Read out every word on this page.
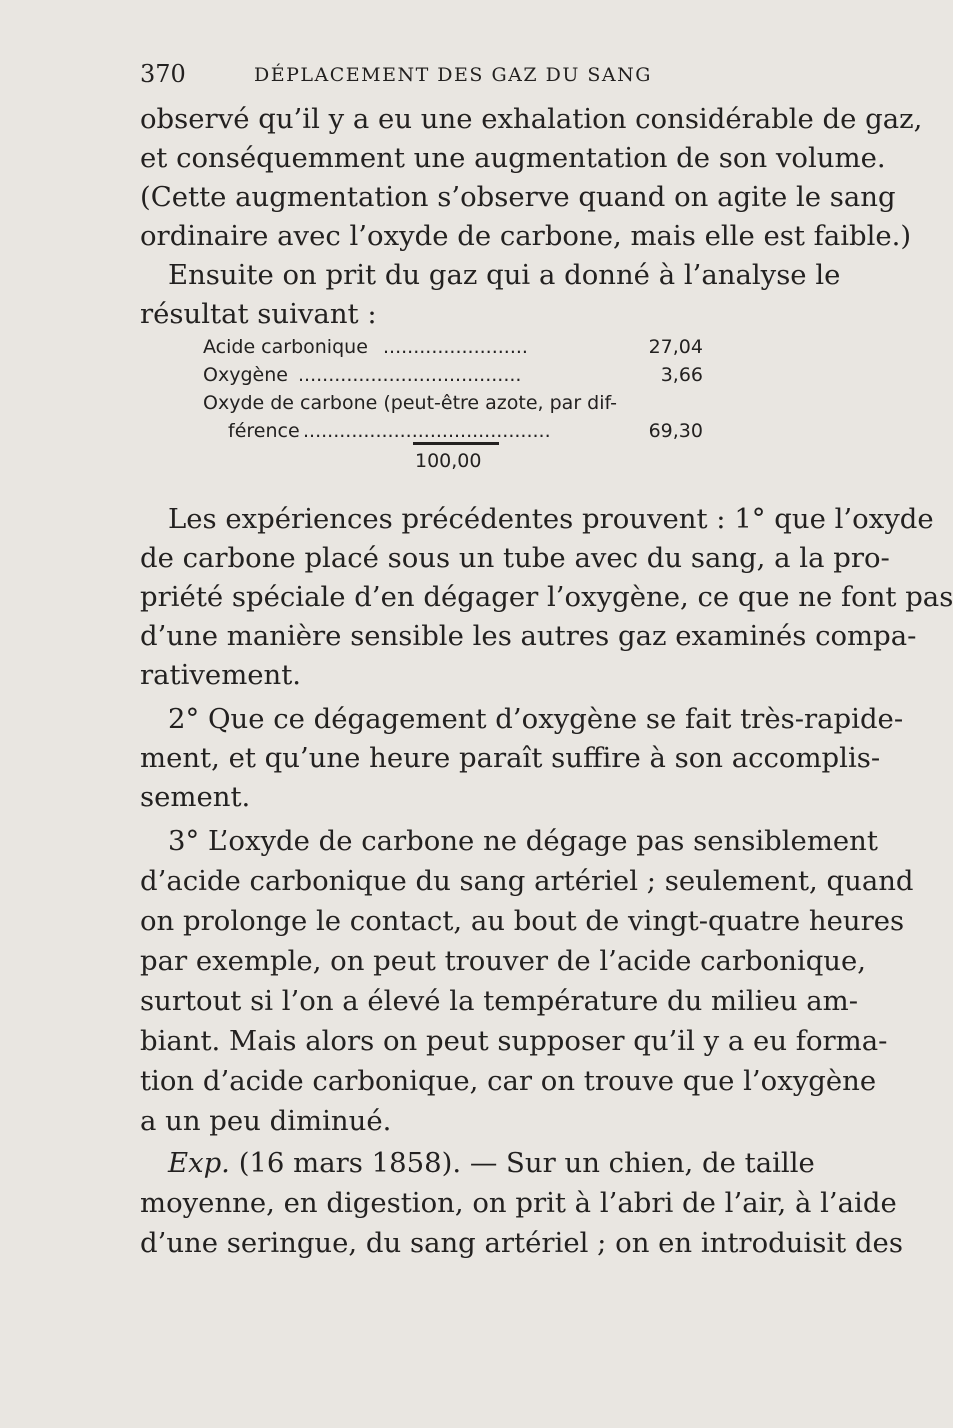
370	DÉPLACEMENT DES GAZ DU SANG

observé qu’il y a eu une exhalation considérable de gaz,

et conséquemment une augmentation de son volume.

(Cette augmentation s’observe quand on agite le sang

ordinaire avec l’oxyde de carbone, mais elle est faible.)

Ensuite on prit du gaz qui a donné à l’analyse le

résultat suivant :

Les expériences précédentes prouvent : 1° que l’oxyde

de carbone placé sous un tube avec du sang, a la pro-

priété spéciale d’en dégager l’oxygène, ce que ne font pas

d’une manière sensible les autres gaz examinés compa-

rativement.

2° Que ce dégagement d’oxygène se fait très-rapide-

ment, et qu’une heure paraît suffire à son accomplis-

sement.

3° L’oxyde de carbone ne dégage pas sensiblement

d’acide carbonique du sang artériel ; seulement, quand

on prolonge le contact, au bout de vingt-quatre heures

par exemple, on peut trouver de l’acide carbonique,

surtout si l’on a élevé la température du milieu am-

biant. Mais alors on peut supposer qu’il y a eu forma-

tion d’acide carbonique, car on trouve que l’oxygène

a un peu diminué.

Exp. (16 mars 1858). — Sur un chien, de taille

moyenne, en digestion, on prit à l’abri de l’air, à l’aide

d’une seringue, du sang artériel ; on en introduisit des

Acide carbonique ........................	27,04
Oxygène .....................................	3,66
Oxyde de carbone (peut-être azote, par dif-
férence .........................................	69,30
100,00
